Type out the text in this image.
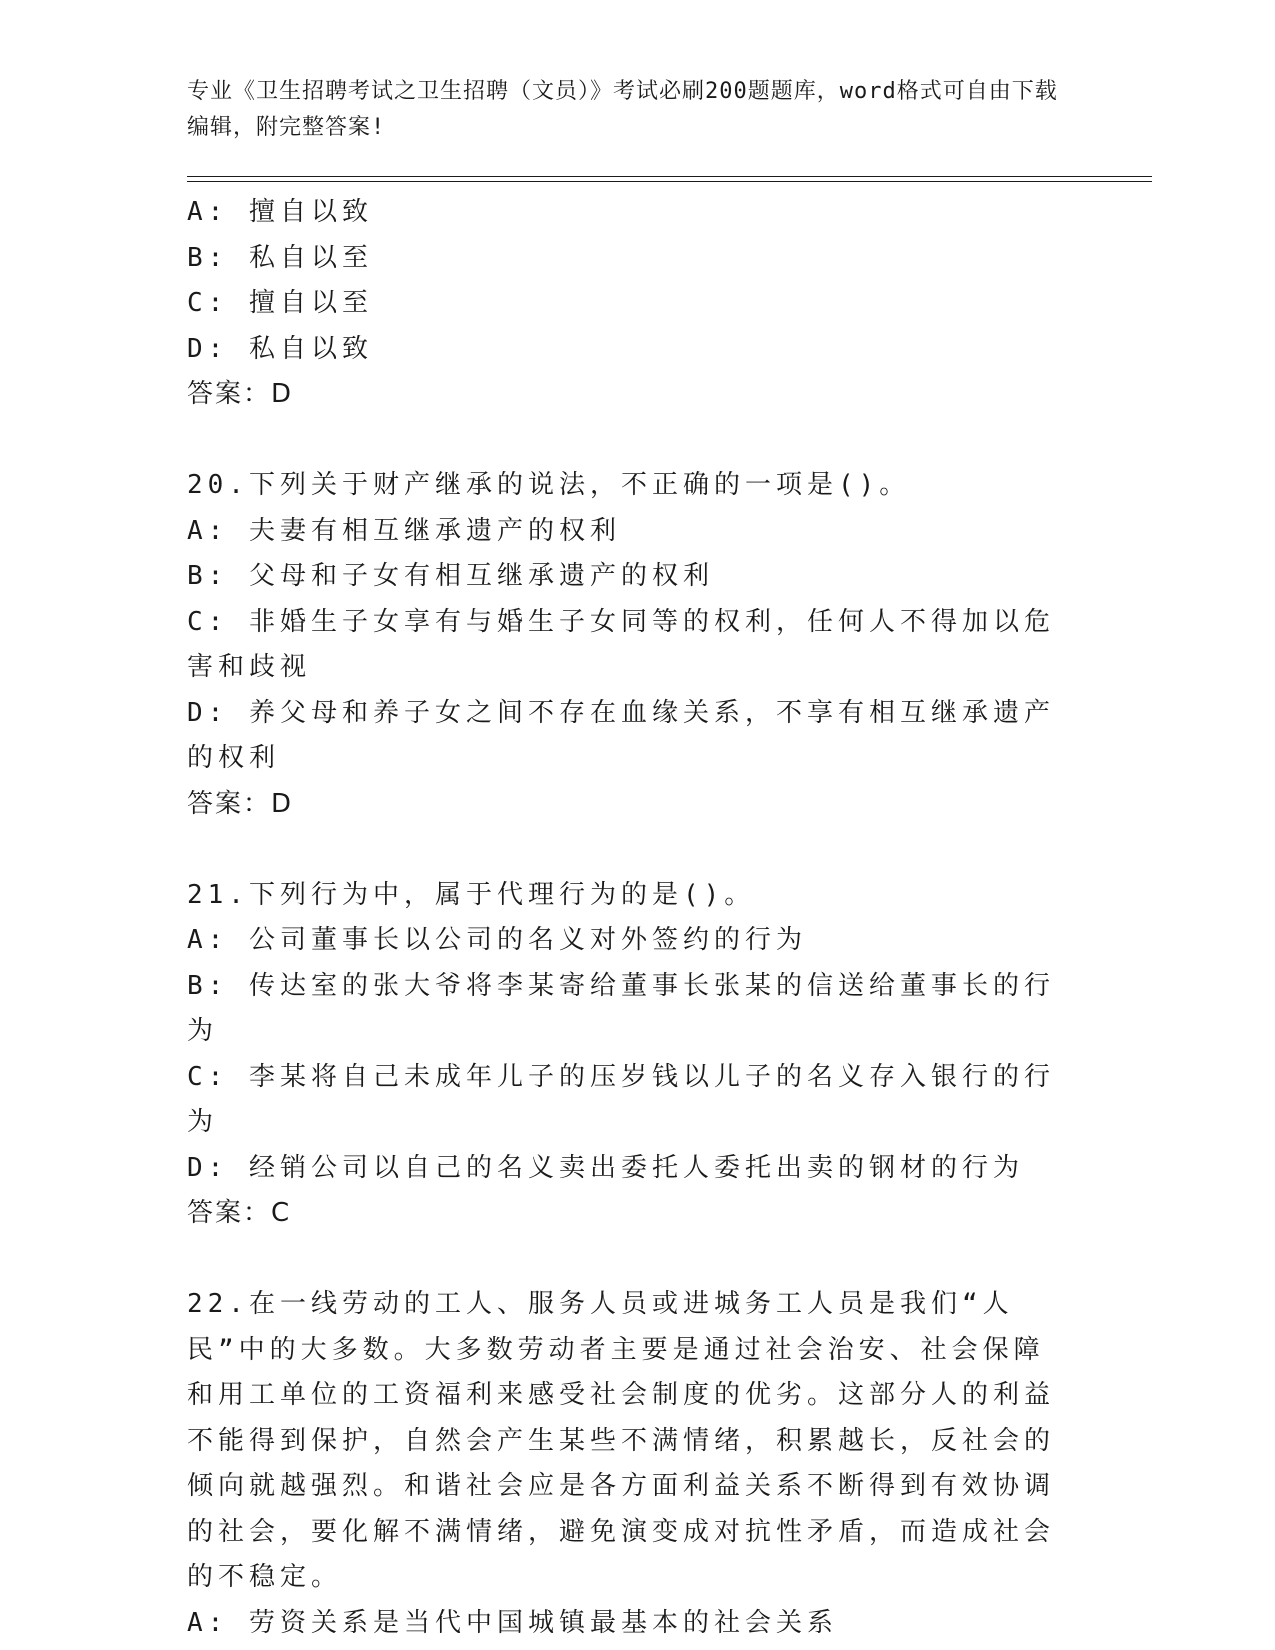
专业《卫生招聘考试之卫生招聘（文员）》考试必刷200题题库，word格式可自由下载编辑，附完整答案!
A: 擅自以致
B: 私自以至
C: 擅自以至
D: 私自以致
答案：D
20.下列关于财产继承的说法，不正确的一项是()。
A: 夫妻有相互继承遗产的权利
B: 父母和子女有相互继承遗产的权利
C: 非婚生子女享有与婚生子女同等的权利，任何人不得加以危害和歧视
D: 养父母和养子女之间不存在血缘关系，不享有相互继承遗产的权利
答案：D
21.下列行为中，属于代理行为的是()。
A: 公司董事长以公司的名义对外签约的行为
B: 传达室的张大爷将李某寄给董事长张某的信送给董事长的行为
C: 李某将自己未成年儿子的压岁钱以儿子的名义存入银行的行为
D: 经销公司以自己的名义卖出委托人委托出卖的钢材的行为
答案：C
22.在一线劳动的工人、服务人员或进城务工人员是我们“人民”中的大多数。大多数劳动者主要是通过社会治安、社会保障和用工单位的工资福利来感受社会制度的优劣。这部分人的利益不能得到保护，自然会产生某些不满情绪，积累越长，反社会的倾向就越强烈。和谐社会应是各方面利益关系不断得到有效协调的社会，要化解不满情绪，避免演变成对抗性矛盾，而造成社会的不稳定。
A: 劳资关系是当代中国城镇最基本的社会关系
